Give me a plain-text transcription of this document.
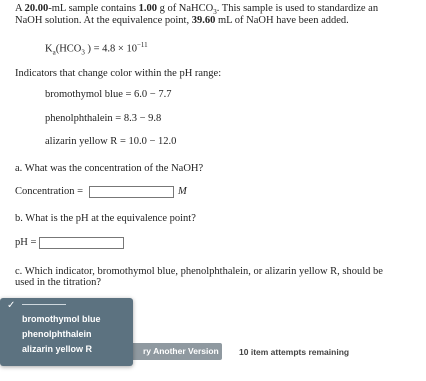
A 20.00-mL sample contains 1.00 g of NaHCO$_3$. This sample is used to standardize an
NaOH solution. At the equivalence point, 39.60 mL of NaOH have been added.
$K_a(HCO_3$ ) = $4.8 \times 10^{-11}$
Indicators that change color within the pH range:
bromothymol blue = 6.0 − 7.7
phenolphthalein = 8.3 − 9.8
alizarin yellow R = 10.0 − 12.0
a. What was the concentration of the NaOH?
Concentration =	M
b. What is the pH at the equivalence point?
pH =
c. Which indicator, bromothymol blue, phenolphthalein, or alizarin yellow R, should be
used in the titration?
ry Another Version	10 item attempts remaining
✓
bromothymol blue
phenolphthalein
alizarin yellow R
